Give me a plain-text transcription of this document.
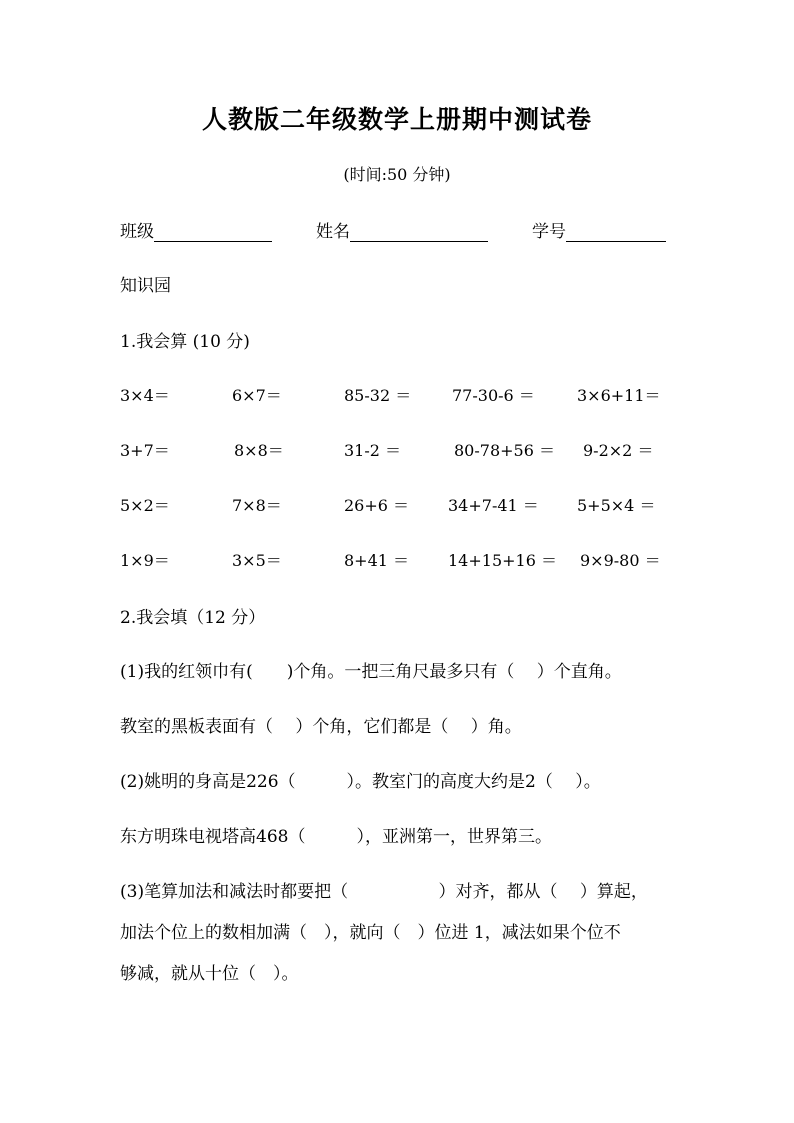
人教版二年级数学上册期中测试卷
(时间:50 分钟)
班级	姓名	学号
知识园
1.我会算 (10 分)
3×4＝	6×7＝	85-32 ＝	77-30-6 ＝	3×6+11＝
3+7＝	8×8＝	31-2 ＝	80-78+56 ＝ 9-2×2 ＝
5×2＝	7×8＝	26+6 ＝ 34+7-41 ＝ 5+5×4 ＝
1×9＝	3×5＝	8+41 ＝ 14+15+16 ＝ 9×9-80 ＝
2.我会填（12 分）
(1)我的红领巾有(　　)个角。一把三角尺最多只有（　 ）个直角。
教室的黑板表面有（　 ）个角，它们都是（　 ）角。
(2)姚明的身高是226（　　　）。教室门的高度大约是2（　 ）。
东方明珠电视塔高468（　　　），亚洲第一，世界第三。
(3)笔算加法和减法时都要把（　　　　　 ）对齐，都从（　 ）算起，
加法个位上的数相加满（　），就向（　）位进 1，减法如果个位不
够减，就从十位（　）。
